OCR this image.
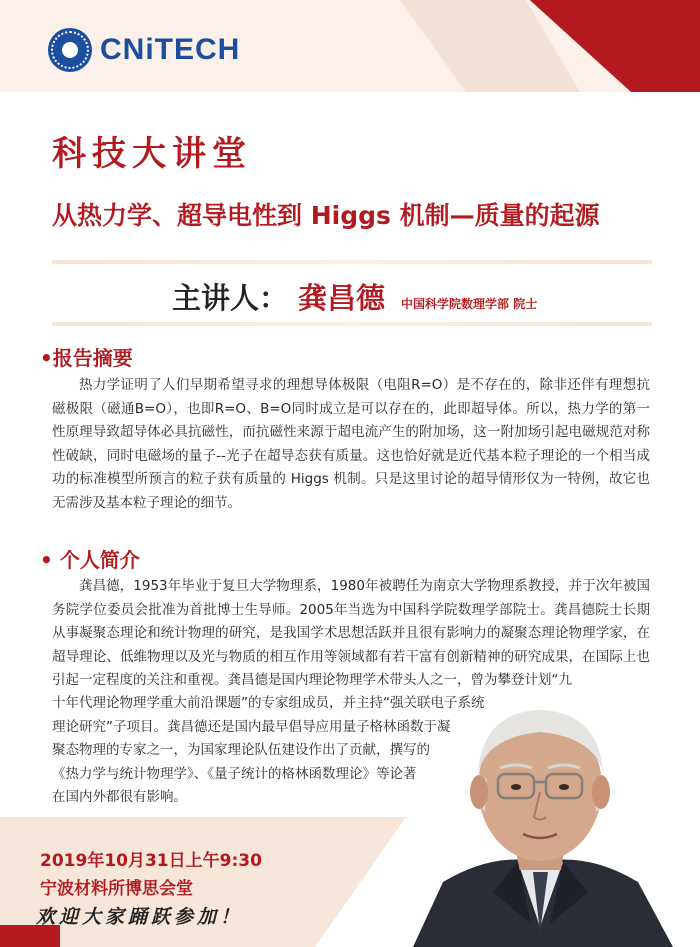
CNiTECH
科技大讲堂
从热力学、超导电性到 Higgs 机制—质量的起源
主讲人： 龚昌德 中国科学院数理学部 院士
•报告摘要
热力学证明了人们早期希望寻求的理想导体极限（电阻R=O）是不存在的，除非还伴有理想抗磁极限（磁通B=O），也即R=O、B=O同时成立是可以存在的，此即超导体。所以，热力学的第一性原理导致超导体必具抗磁性，而抗磁性来源于超电流产生的附加场，这一附加场引起电磁规范对称性破缺，同时电磁场的量子--光子在超导态获有质量。这也恰好就是近代基本粒子理论的一个相当成功的标准模型所预言的粒子获有质量的 Higgs 机制。只是这里讨论的超导情形仅为一特例，故它也无需涉及基本粒子理论的细节。
• 个人简介
龚昌德，1953年毕业于复旦大学物理系，1980年被聘任为南京大学物理系教授，并于次年被国务院学位委员会批准为首批博士生导师。2005年当选为中国科学院数理学部院士。龚昌德院士长期从事凝聚态理论和统计物理的研究，是我国学术思想活跃并且很有影响力的凝聚态理论物理学家，在超导理论、低维物理以及光与物质的相互作用等领域都有若干富有创新精神的研究成果，在国际上也引起一定程度的关注和重视。龚昌德是国内理论物理学术带头人之一，曾为攀登计划“九
十年代理论物理学重大前沿课题”的专家组成员，并主持“强关联电子系统
理论研究”子项目。龚昌德还是国内最早倡导应用量子格林函数于凝
聚态物理的专家之一，为国家理论队伍建设作出了贡献，撰写的
《热力学与统计物理学》、《量子统计的格林函数理论》等论著
在国内外都很有影响。
2019年10月31日上午9:30
宁波材料所博思会堂
欢迎大家踊跃参加！
